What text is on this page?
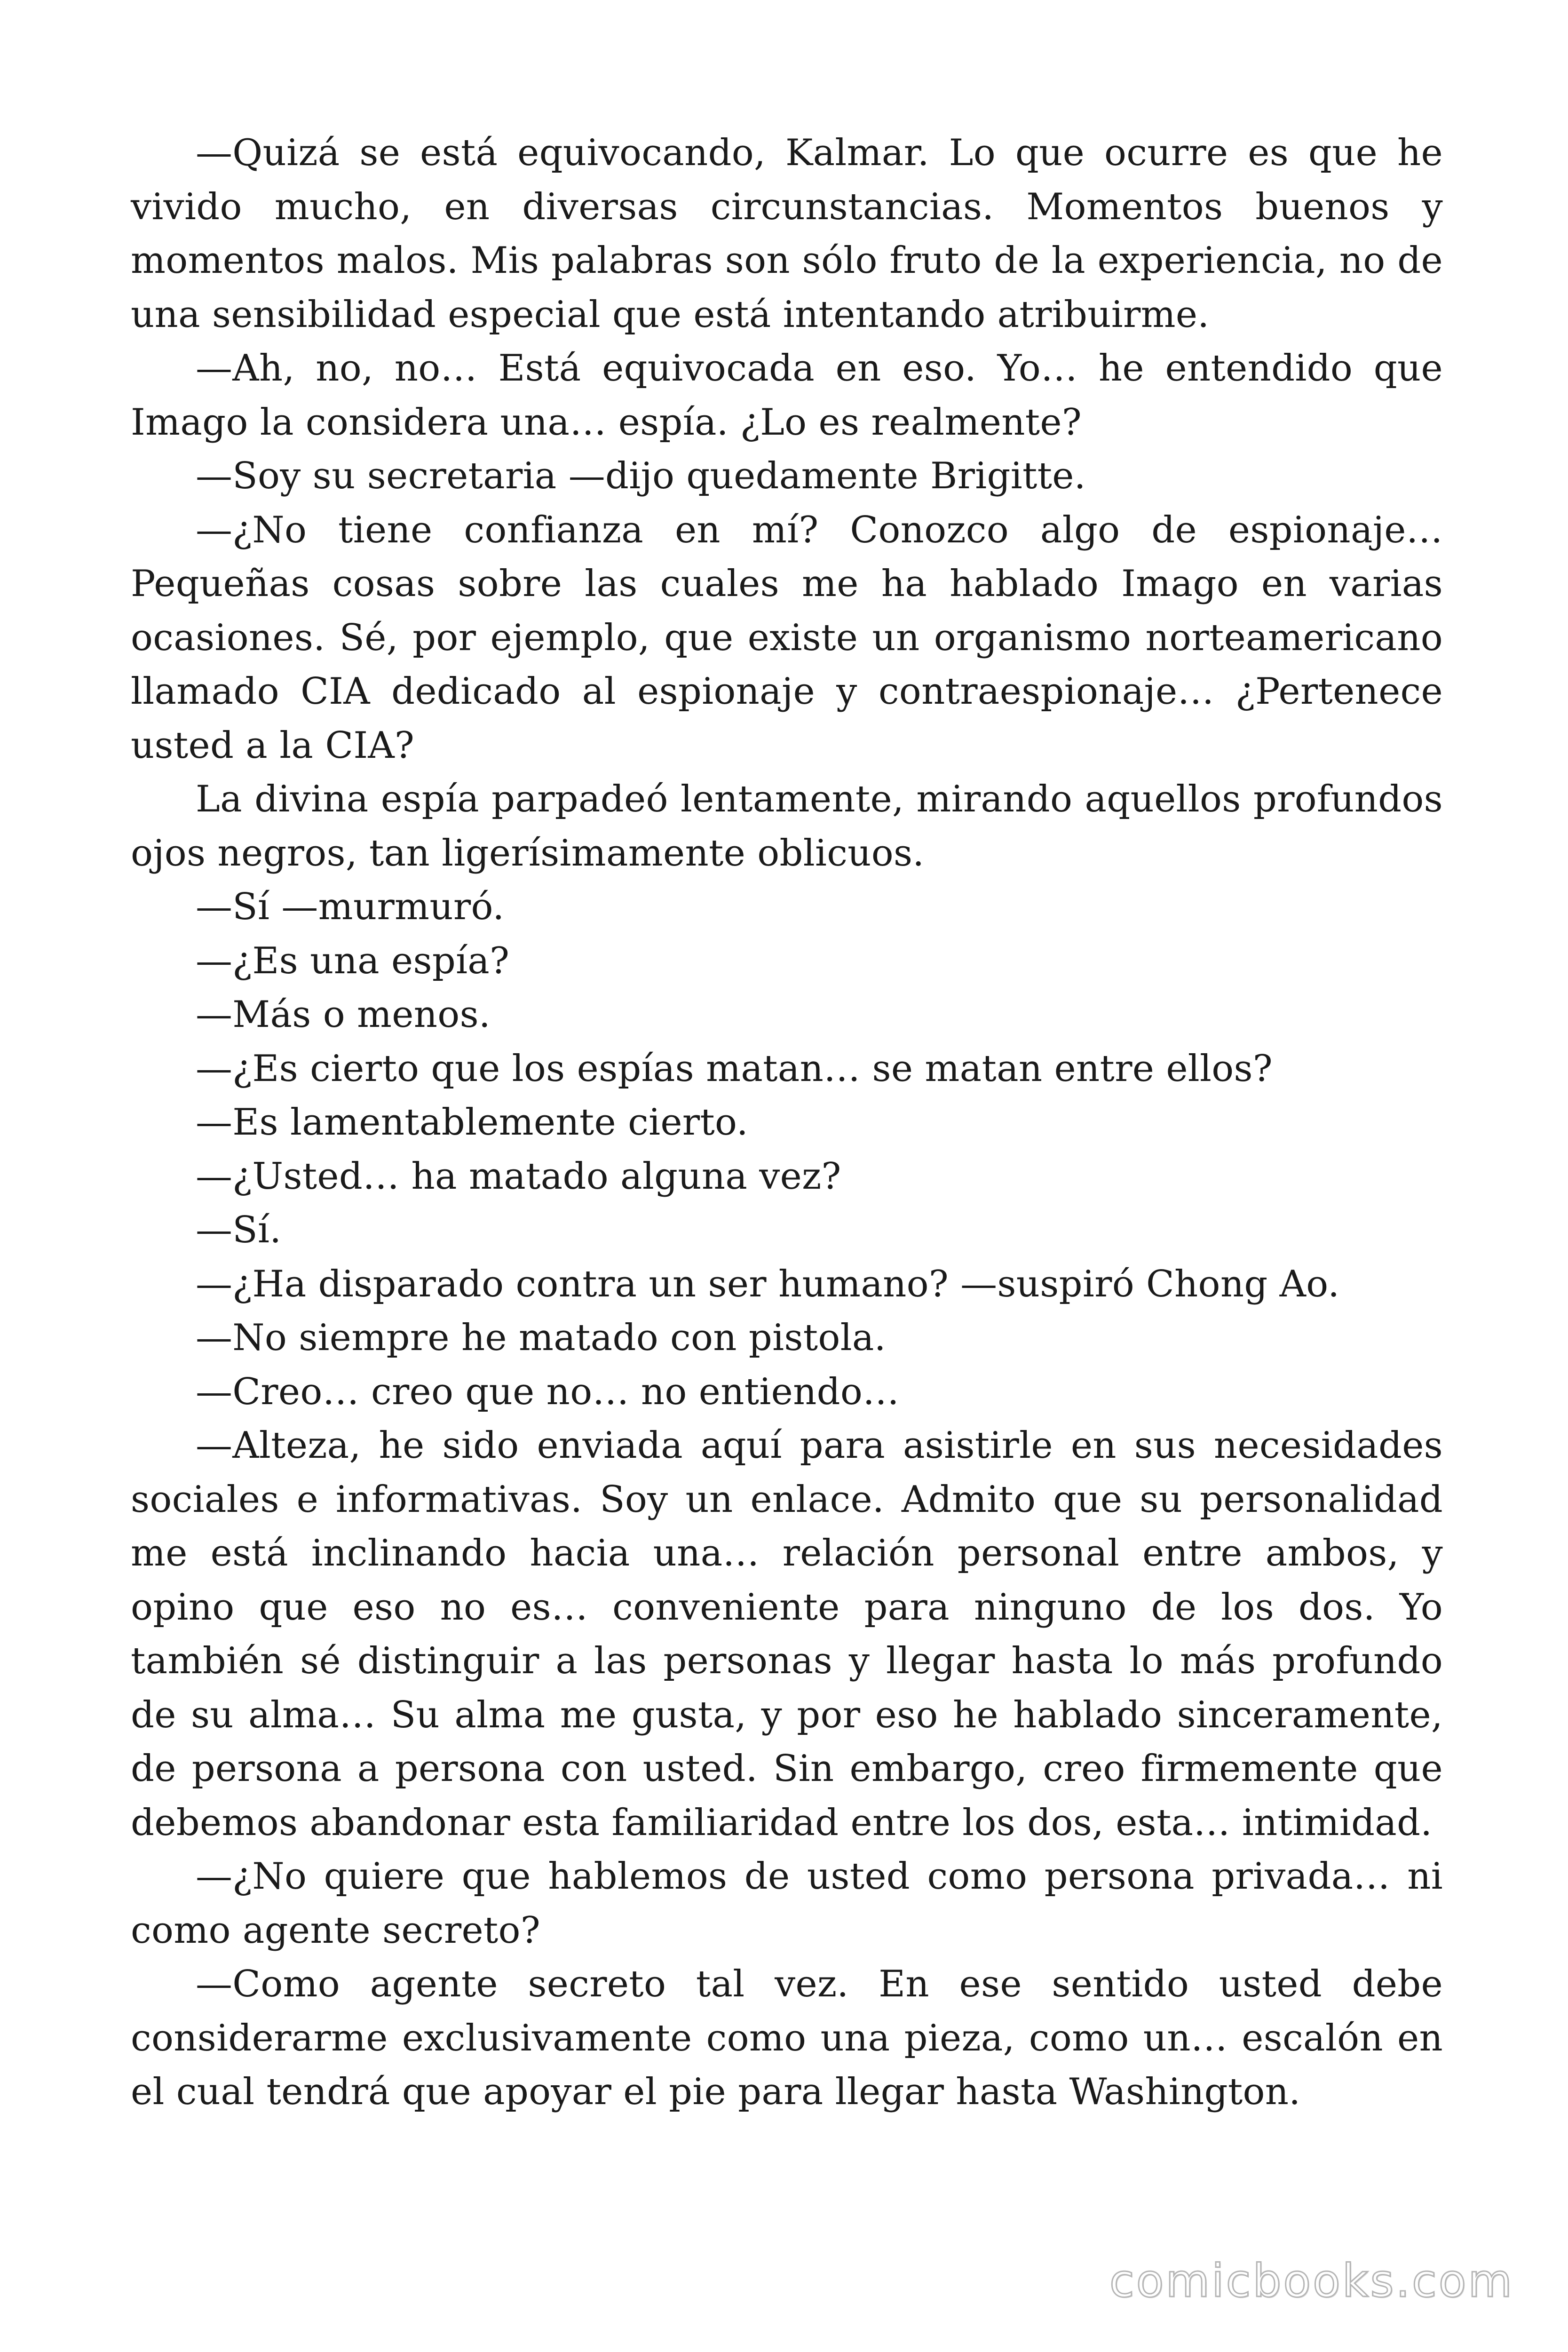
—Quizá se está equivocando, Kalmar. Lo que ocurre es que he vivido mucho, en diversas circunstancias. Momentos buenos y momentos malos. Mis palabras son sólo fruto de la experiencia, no de una sensibilidad especial que está intentando atribuirme.

—Ah, no, no… Está equivocada en eso. Yo… he entendido que Imago la considera una… espía. ¿Lo es realmente?

—Soy su secretaria —dijo quedamente Brigitte.

—¿No tiene confianza en mí? Conozco algo de espionaje… Pequeñas cosas sobre las cuales me ha hablado Imago en varias ocasiones. Sé, por ejemplo, que existe un organismo norteamericano llamado CIA dedicado al espionaje y contraespionaje… ¿Pertenece usted a la CIA?

La divina espía parpadeó lentamente, mirando aquellos profundos ojos negros, tan ligerísimamente oblicuos.

—Sí —murmuró.

—¿Es una espía?

—Más o menos.

—¿Es cierto que los espías matan… se matan entre ellos?

—Es lamentablemente cierto.

—¿Usted… ha matado alguna vez?

—Sí.

—¿Ha disparado contra un ser humano? —suspiró Chong Ao.

—No siempre he matado con pistola.

—Creo… creo que no… no entiendo…

—Alteza, he sido enviada aquí para asistirle en sus necesidades sociales e informativas. Soy un enlace. Admito que su personalidad me está inclinando hacia una… relación personal entre ambos, y opino que eso no es… conveniente para ninguno de los dos. Yo también sé distinguir a las personas y llegar hasta lo más profundo de su alma… Su alma me gusta, y por eso he hablado sinceramente, de persona a persona con usted. Sin embargo, creo firmemente que debemos abandonar esta familiaridad entre los dos, esta… intimidad.

—¿No quiere que hablemos de usted como persona privada… ni como agente secreto?

—Como agente secreto tal vez. En ese sentido usted debe considerarme exclusivamente como una pieza, como un… escalón en el cual tendrá que apoyar el pie para llegar hasta Washington.

comicbooks.com
